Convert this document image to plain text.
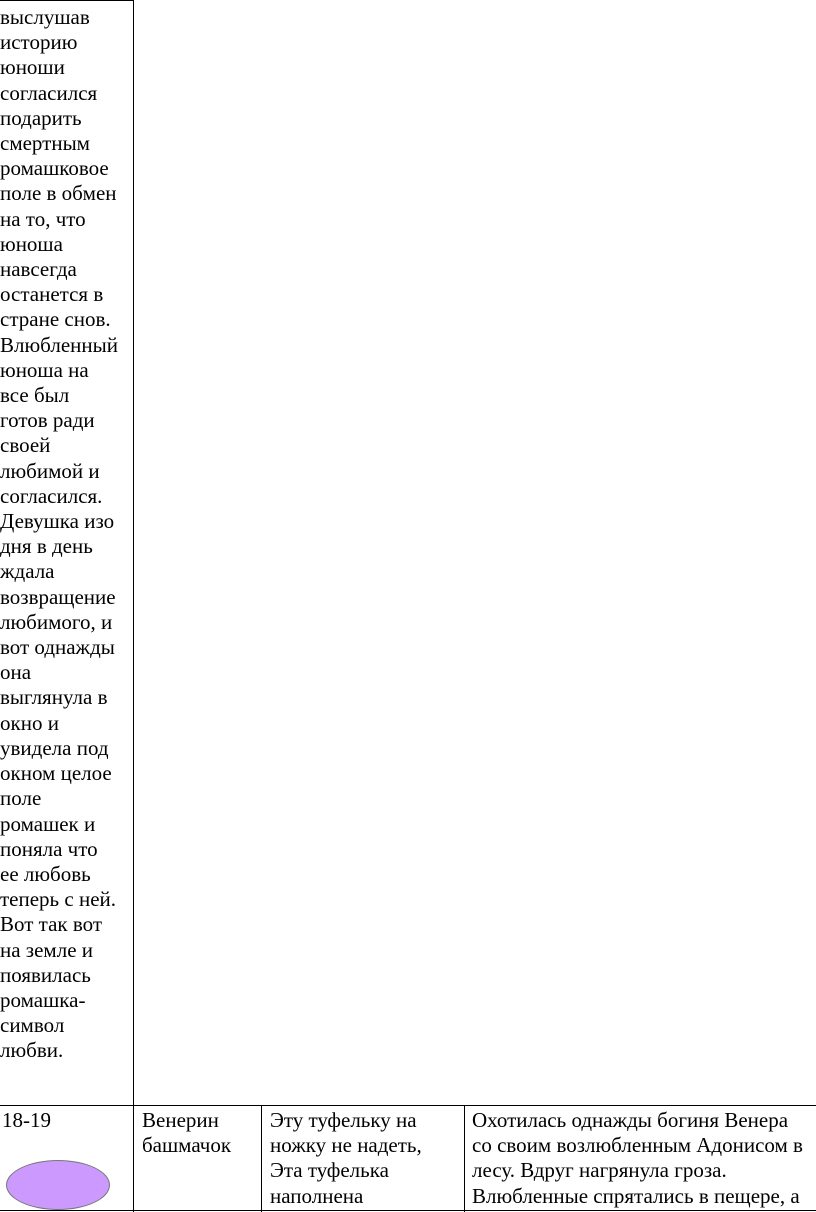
выслушав
историю
юноши
согласился
подарить
смертным
ромашковое
поле в обмен
на то, что
юноша
навсегда
останется в
стране снов.
Влюбленный
юноша на
все был
готов ради
своей
любимой и
согласился.
Девушка изо
дня в день
ждала
возвращение
любимого, и
вот однажды
она
выглянула в
окно и
увидела под
окном целое
поле
ромашек и
поняла что
ее любовь
теперь с ней.
Вот так вот
на земле и
появилась
ромашка-
символ
любви.

18-19	Венерин
башмачок

Эту туфельку на
ножку не надеть,
Эта туфелька
наполнена

Охотилась однажды богиня Венера
со своим возлюбленным Адонисом в
лесу. Вдруг нагрянула гроза.
Влюбленные спрятались в пещере, а
